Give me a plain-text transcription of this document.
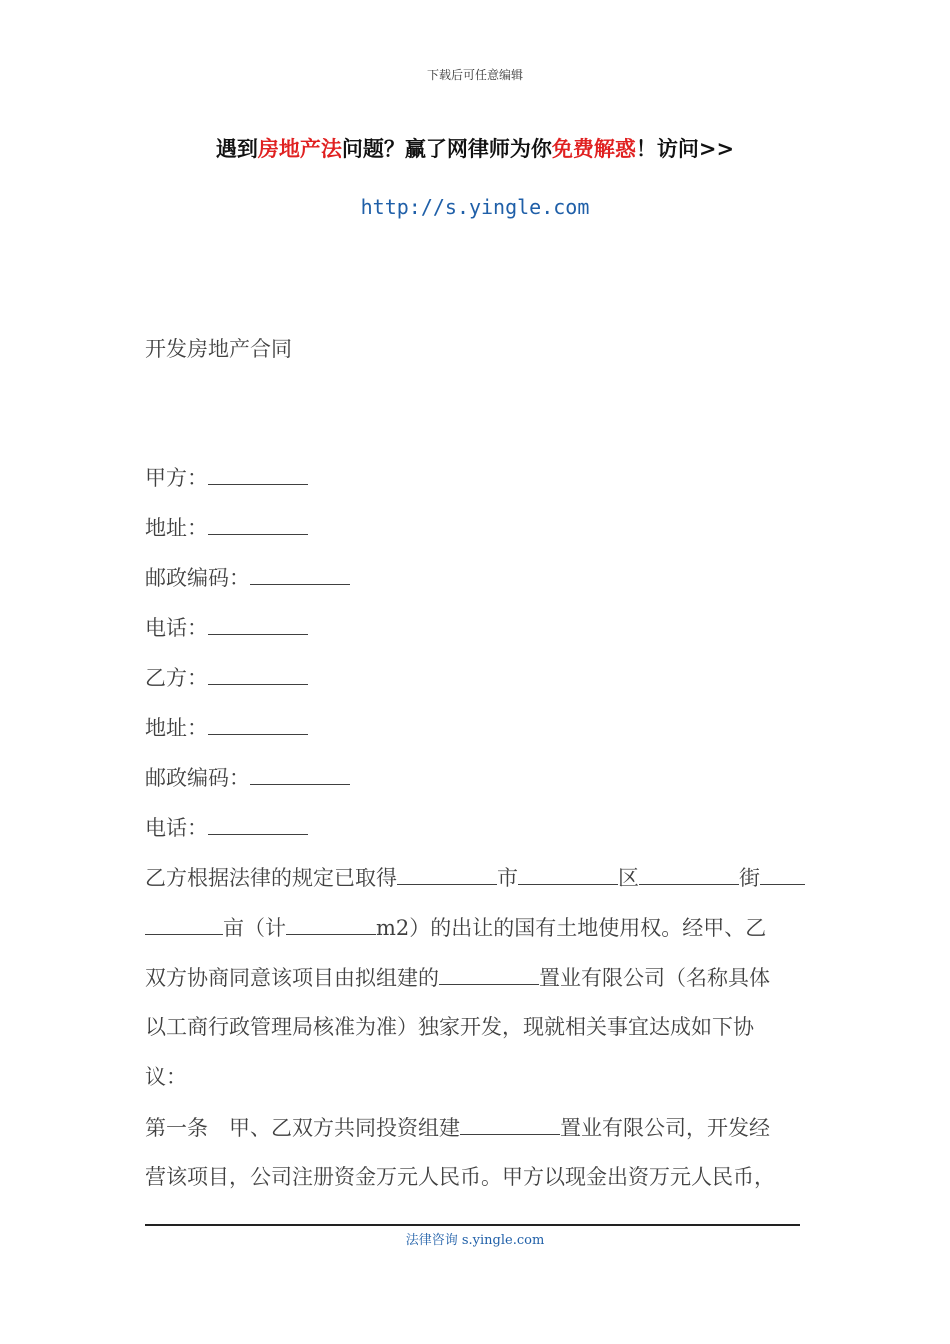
下载后可任意编辑
遇到房地产法问题？赢了网律师为你免费解惑！访问>>
http://s.yingle.com
开发房地产合同
甲方：
地址：
邮政编码：
电话：
乙方：
地址：
邮政编码：
电话：
乙方根据法律的规定已取得	市	区	街
亩（计	m2）的出让的国有土地使用权。经甲、乙
双方协商同意该项目由拟组建的	置业有限公司（名称具体
以工商行政管理局核准为准）独家开发，现就相关事宜达成如下协
议：
第一条　甲、乙双方共同投资组建	置业有限公司，开发经
营该项目，公司注册资金万元人民币。甲方以现金出资万元人民币，
法律咨询 s.yingle.com
